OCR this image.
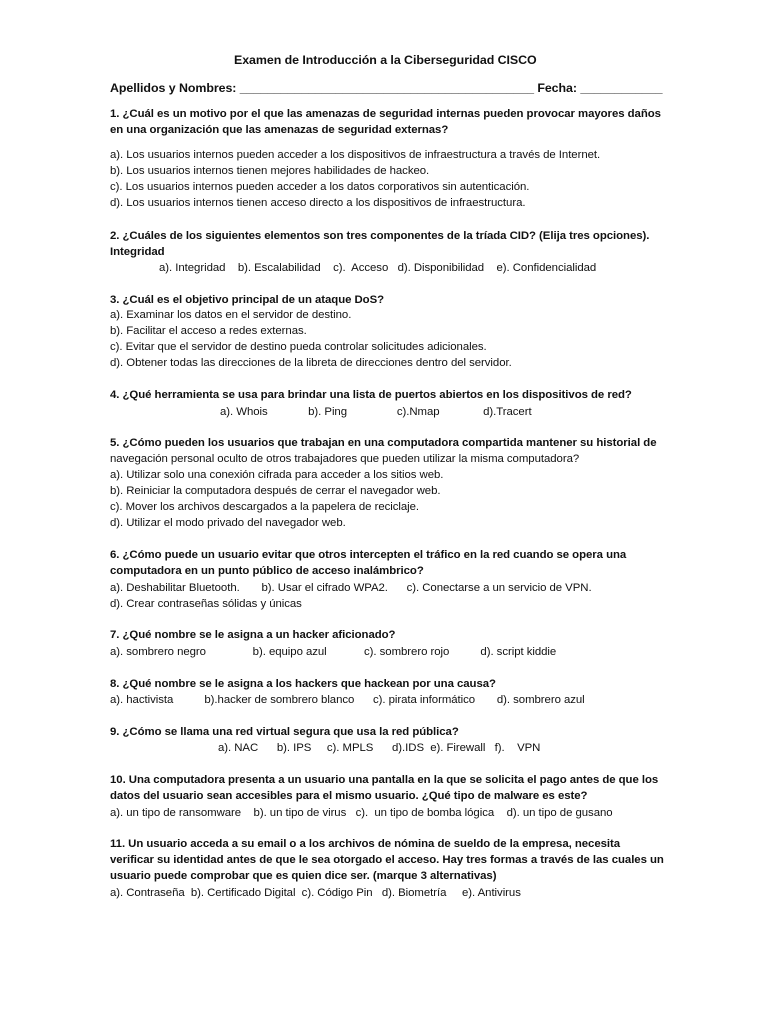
Examen de Introducción a la Ciberseguridad CISCO
Apellidos y Nombres: ___________________________________________ Fecha: ____________
1. ¿Cuál es un motivo por el que las amenazas de seguridad internas pueden provocar mayores daños
en una organización que las amenazas de seguridad externas?
a). Los usuarios internos pueden acceder a los dispositivos de infraestructura a través de Internet.
b). Los usuarios internos tienen mejores habilidades de hackeo.
c). Los usuarios internos pueden acceder a los datos corporativos sin autenticación.
d). Los usuarios internos tienen acceso directo a los dispositivos de infraestructura.
2. ¿Cuáles de los siguientes elementos son tres componentes de la tríada CID? (Elija tres opciones).
Integridad
a). Integridad    b). Escalabilidad    c).  Acceso   d). Disponibilidad    e). Confidencialidad
3. ¿Cuál es el objetivo principal de un ataque DoS?
a). Examinar los datos en el servidor de destino.
b). Facilitar el acceso a redes externas.
c). Evitar que el servidor de destino pueda controlar solicitudes adicionales.
d). Obtener todas las direcciones de la libreta de direcciones dentro del servidor.
4. ¿Qué herramienta se usa para brindar una lista de puertos abiertos en los dispositivos de red?
a). Whois             b). Ping                c).Nmap              d).Tracert
5. ¿Cómo pueden los usuarios que trabajan en una computadora compartida mantener su historial de
navegación personal oculto de otros trabajadores que pueden utilizar la misma computadora?
a). Utilizar solo una conexión cifrada para acceder a los sitios web.
b). Reiniciar la computadora después de cerrar el navegador web.
c). Mover los archivos descargados a la papelera de reciclaje.
d). Utilizar el modo privado del navegador web.
6. ¿Cómo puede un usuario evitar que otros intercepten el tráfico en la red cuando se opera una
computadora en un punto público de acceso inalámbrico?
a). Deshabilitar Bluetooth.       b). Usar el cifrado WPA2.      c). Conectarse a un servicio de VPN.
d). Crear contraseñas sólidas y únicas
7. ¿Qué nombre se le asigna a un hacker aficionado?
a). sombrero negro               b). equipo azul            c). sombrero rojo          d). script kiddie
8. ¿Qué nombre se le asigna a los hackers que hackean por una causa?
a). hactivista          b).hacker de sombrero blanco      c). pirata informático       d). sombrero azul
9. ¿Cómo se llama una red virtual segura que usa la red pública?
a). NAC      b). IPS     c). MPLS      d).IDS  e). Firewall   f).    VPN
10. Una computadora presenta a un usuario una pantalla en la que se solicita el pago antes de que los
datos del usuario sean accesibles para el mismo usuario. ¿Qué tipo de malware es este?
a). un tipo de ransomware    b). un tipo de virus   c).  un tipo de bomba lógica    d). un tipo de gusano
11. Un usuario acceda a su email o a los archivos de nómina de sueldo de la empresa, necesita
verificar su identidad antes de que le sea otorgado el acceso. Hay tres formas a través de las cuales un
usuario puede comprobar que es quien dice ser. (marque 3 alternativas)
a). Contraseña  b). Certificado Digital  c). Código Pin   d). Biometría     e). Antivirus
